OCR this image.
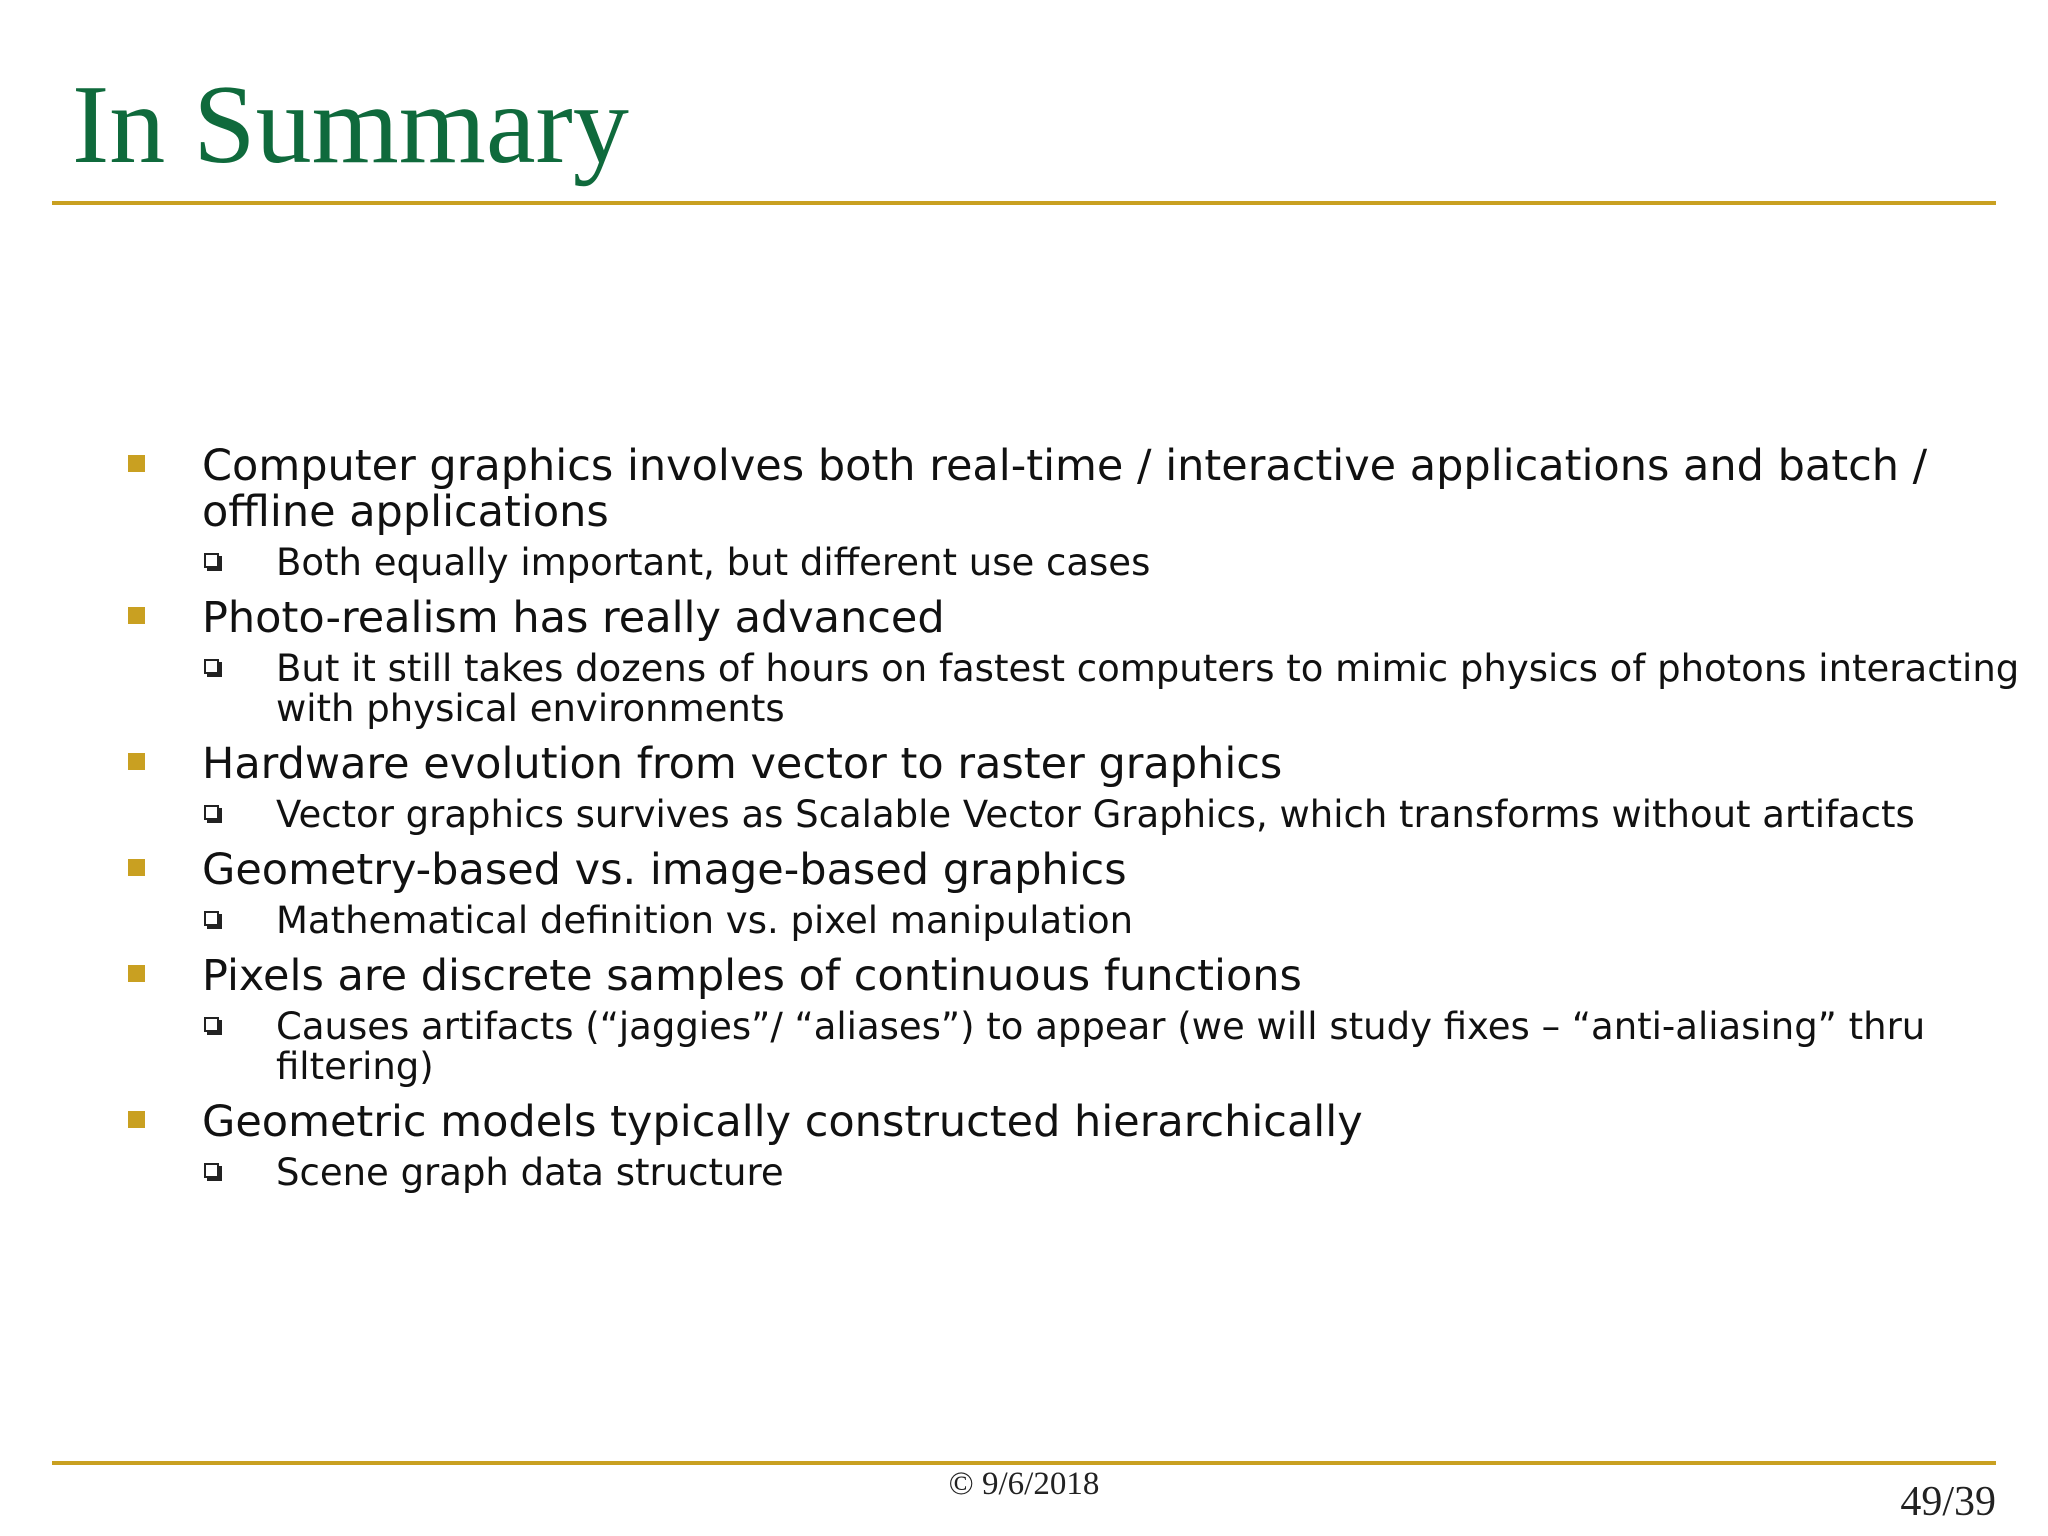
In Summary
Computer graphics involves both real-time / interactive applications and batch / offline applications
Both equally important, but different use cases
Photo-realism has really advanced
But it still takes dozens of hours on fastest computers to mimic physics of photons interacting with physical environments
Hardware evolution from vector to raster graphics
Vector graphics survives as Scalable Vector Graphics, which transforms without artifacts
Geometry-based vs. image-based graphics
Mathematical definition vs. pixel manipulation
Pixels are discrete samples of continuous functions
Causes artifacts (“jaggies”/ “aliases”) to appear (we will study fixes – “anti-aliasing” thru filtering)
Geometric models typically constructed hierarchically
Scene graph data structure
© 9/6/2018	49/39
